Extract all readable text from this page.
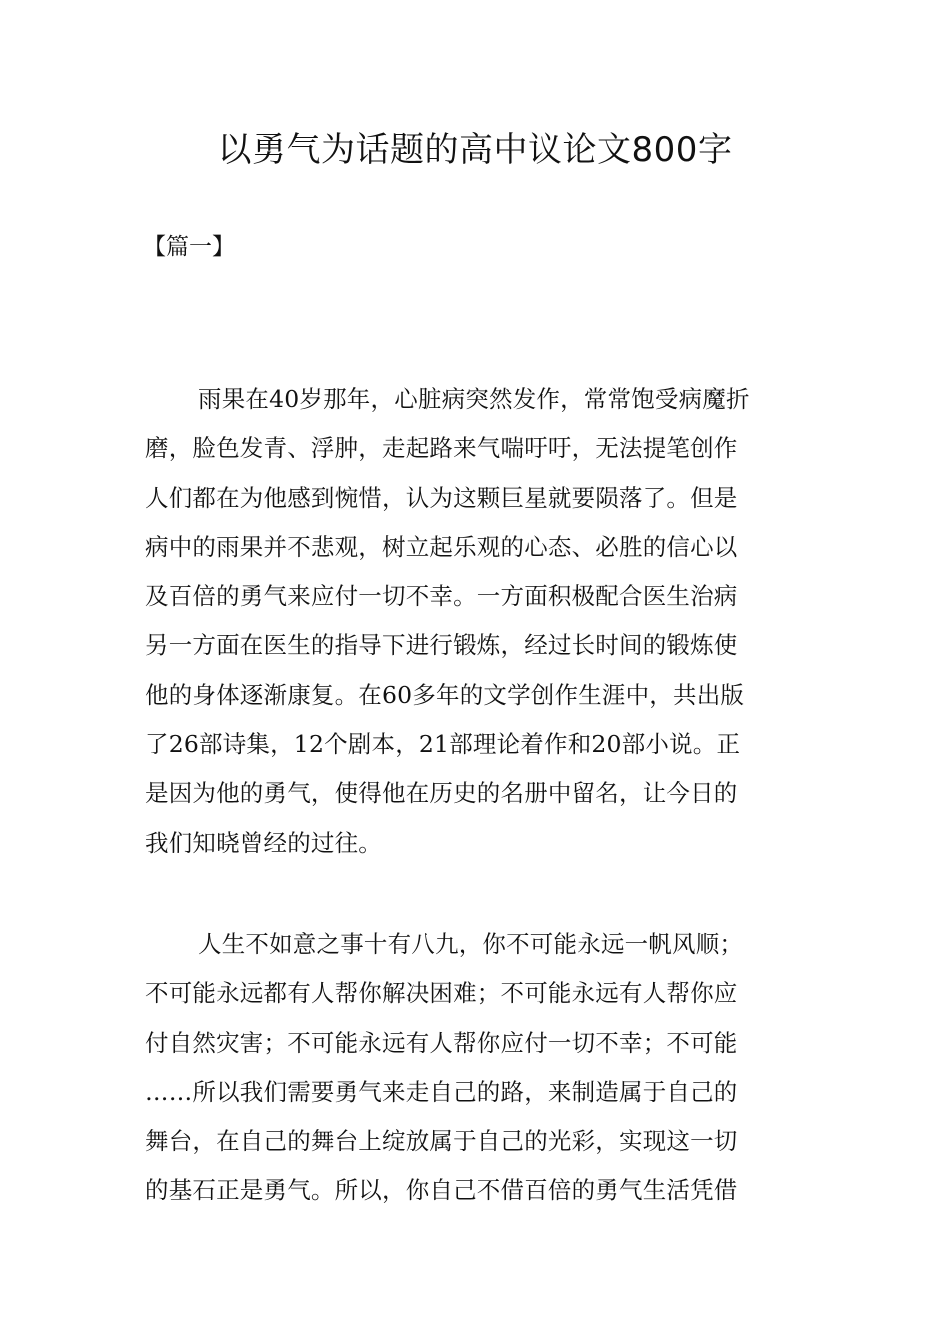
以勇气为话题的高中议论文800字
【篇一】
雨果在40岁那年，心脏病突然发作，常常饱受病魔折
磨，脸色发青、浮肿，走起路来气喘吁吁，无法提笔创作
人们都在为他感到惋惜，认为这颗巨星就要陨落了。但是
病中的雨果并不悲观，树立起乐观的心态、必胜的信心以
及百倍的勇气来应付一切不幸。一方面积极配合医生治病
另一方面在医生的指导下进行锻炼，经过长时间的锻炼使
他的身体逐渐康复。在60多年的文学创作生涯中，共出版
了26部诗集，12个剧本，21部理论着作和20部小说。正
是因为他的勇气，使得他在历史的名册中留名，让今日的
我们知晓曾经的过往。
人生不如意之事十有八九，你不可能永远一帆风顺；
不可能永远都有人帮你解决困难；不可能永远有人帮你应
付自然灾害；不可能永远有人帮你应付一切不幸；不可能
……所以我们需要勇气来走自己的路，来制造属于自己的
舞台，在自己的舞台上绽放属于自己的光彩，实现这一切
的基石正是勇气。所以，你自己不借百倍的勇气生活凭借
